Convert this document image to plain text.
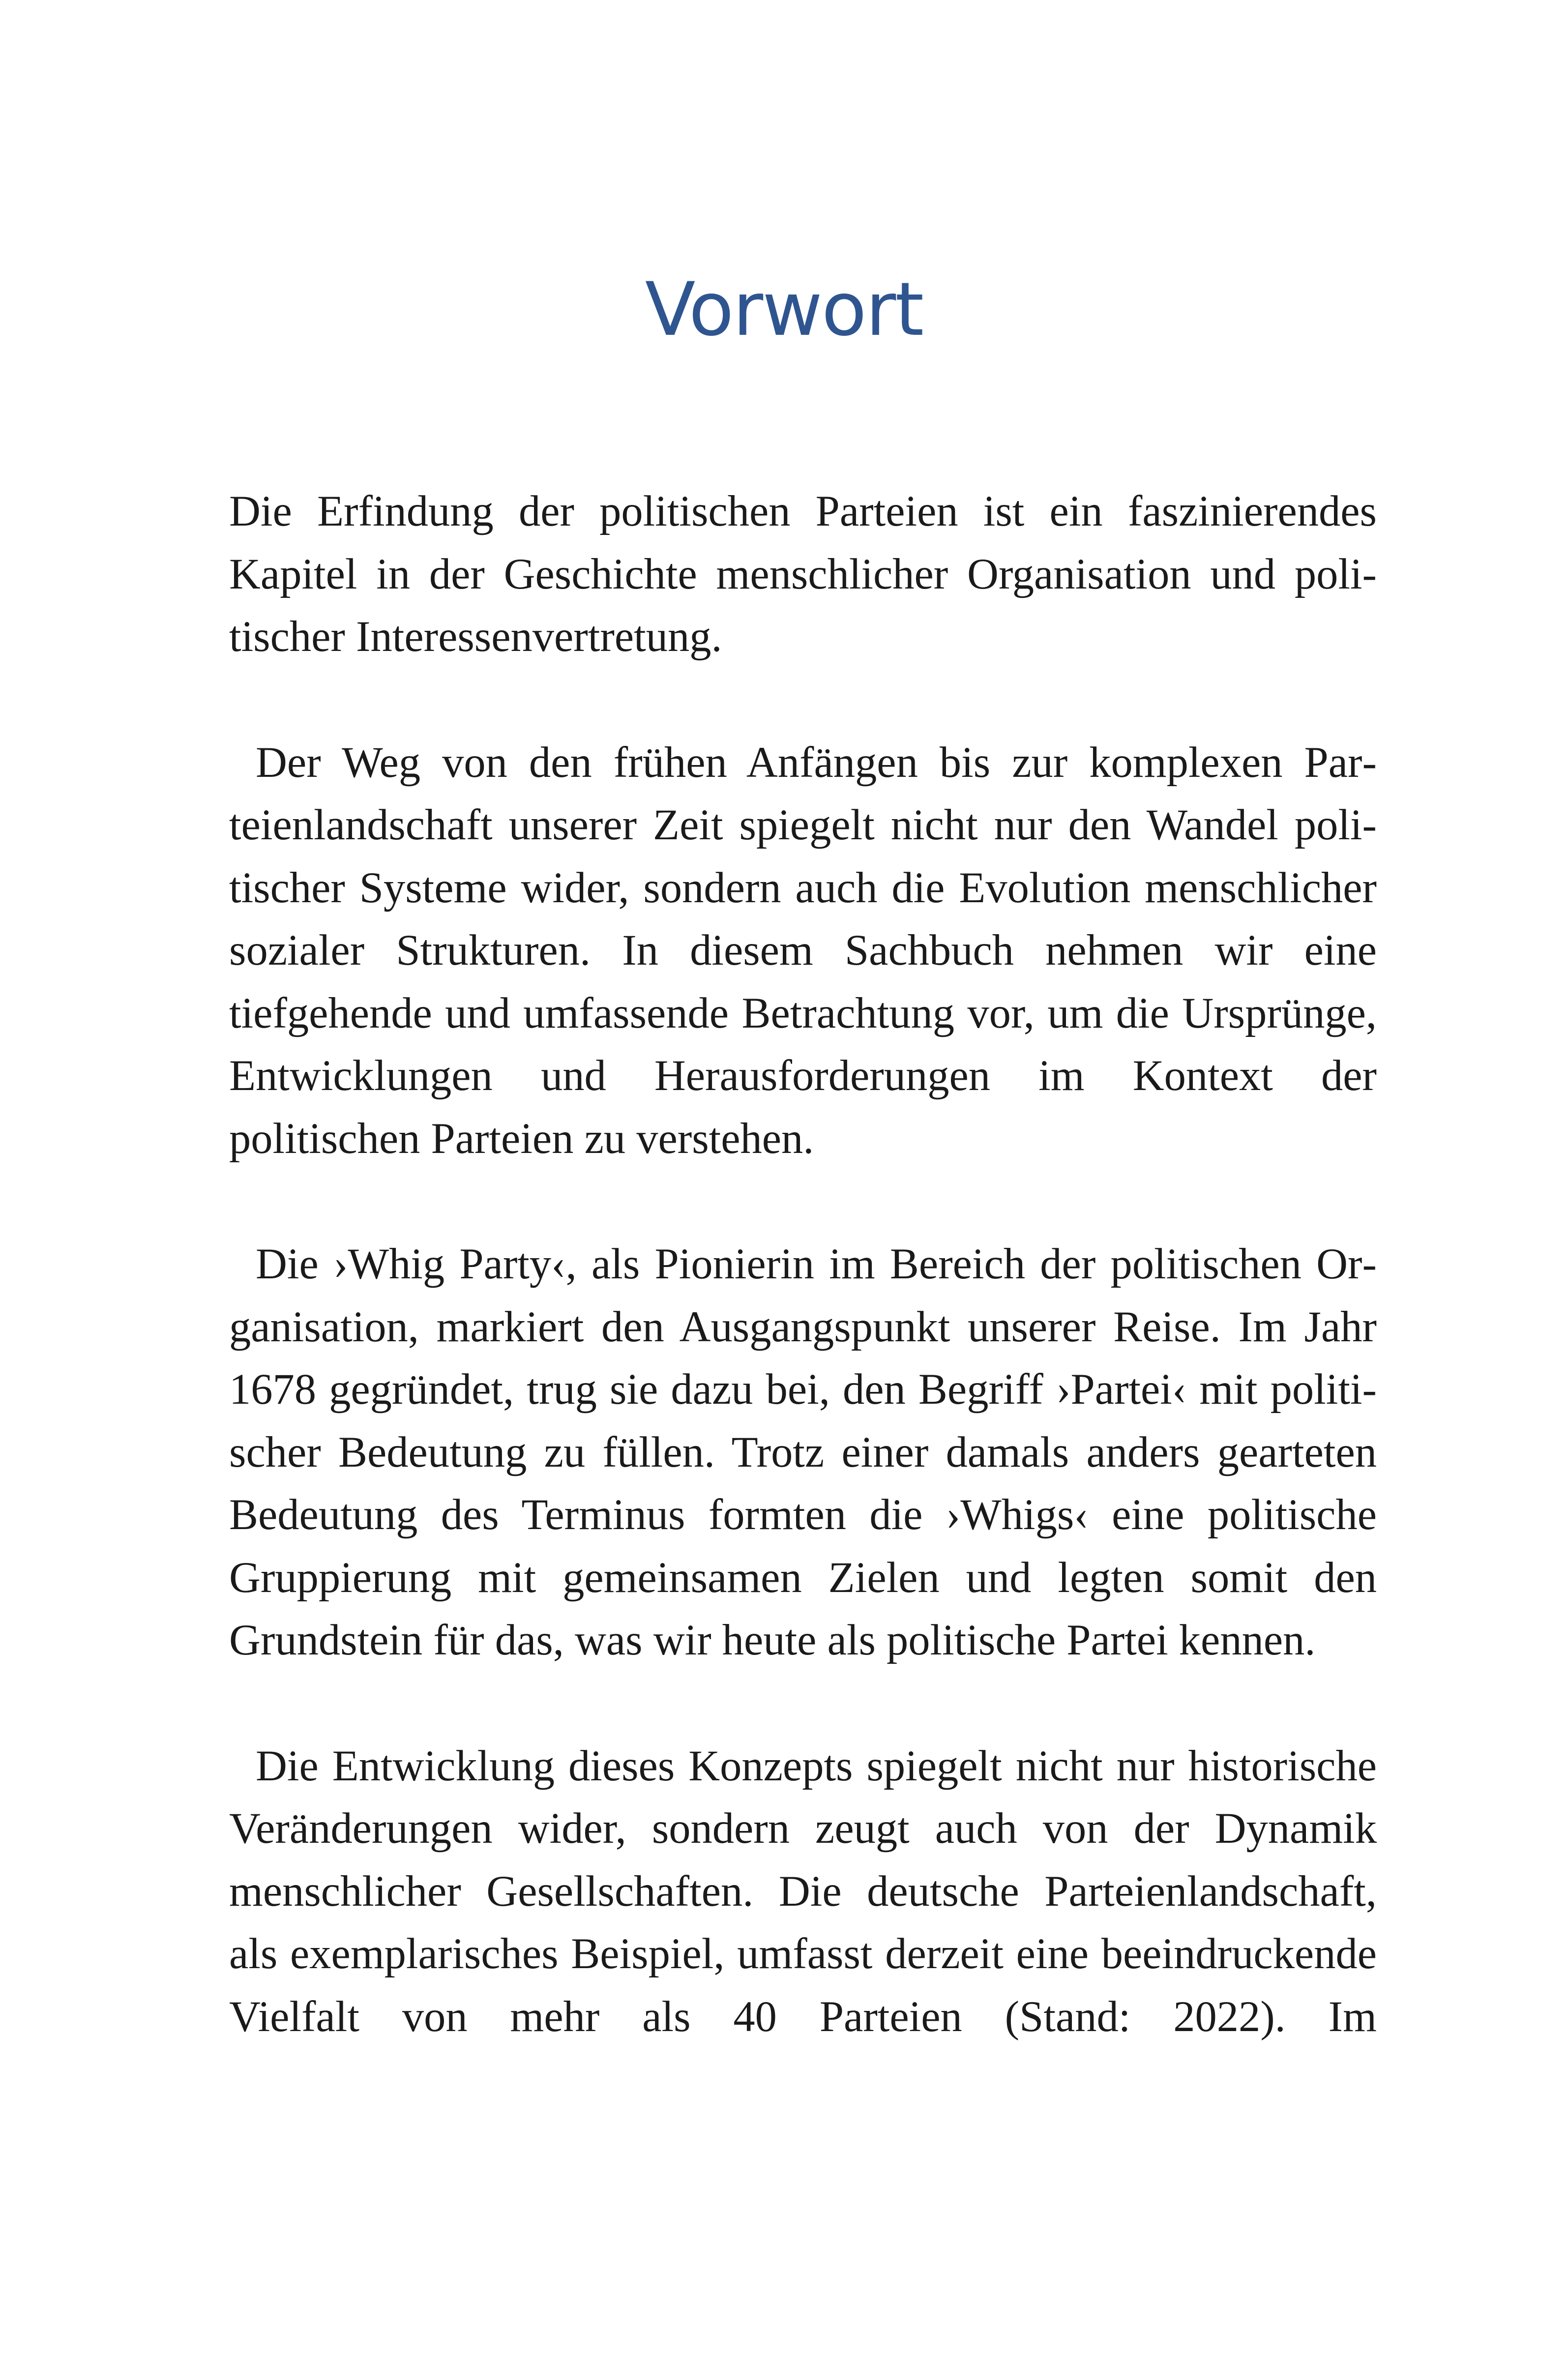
Vorwort

Die Erfindung der politischen Parteien ist ein faszinierendes Kapitel in der Geschichte menschlicher Organisation und politischer Interessenvertretung.

Der Weg von den frühen Anfängen bis zur komplexen Parteienlandschaft unserer Zeit spiegelt nicht nur den Wandel politischer Systeme wider, sondern auch die Evolution menschlicher sozialer Strukturen. In diesem Sachbuch nehmen wir eine tiefgehende und umfassende Betrachtung vor, um die Ursprünge, Entwicklungen und Herausforderungen im Kontext der politischen Parteien zu verstehen.

Die ›Whig Party‹, als Pionierin im Bereich der politischen Organisation, markiert den Ausgangspunkt unserer Reise. Im Jahr 1678 gegründet, trug sie dazu bei, den Begriff ›Partei‹ mit politischer Bedeutung zu füllen. Trotz einer damals anders gearteten Bedeutung des Terminus formten die ›Whigs‹ eine politische Gruppierung mit gemeinsamen Zielen und legten somit den Grundstein für das, was wir heute als politische Partei kennen.

Die Entwicklung dieses Konzepts spiegelt nicht nur historische Veränderungen wider, sondern zeugt auch von der Dynamik menschlicher Gesellschaften. Die deutsche Parteienlandschaft, als exemplarisches Beispiel, umfasst derzeit eine beeindruckende Vielfalt von mehr als 40 Parteien (Stand: 2022). Im
